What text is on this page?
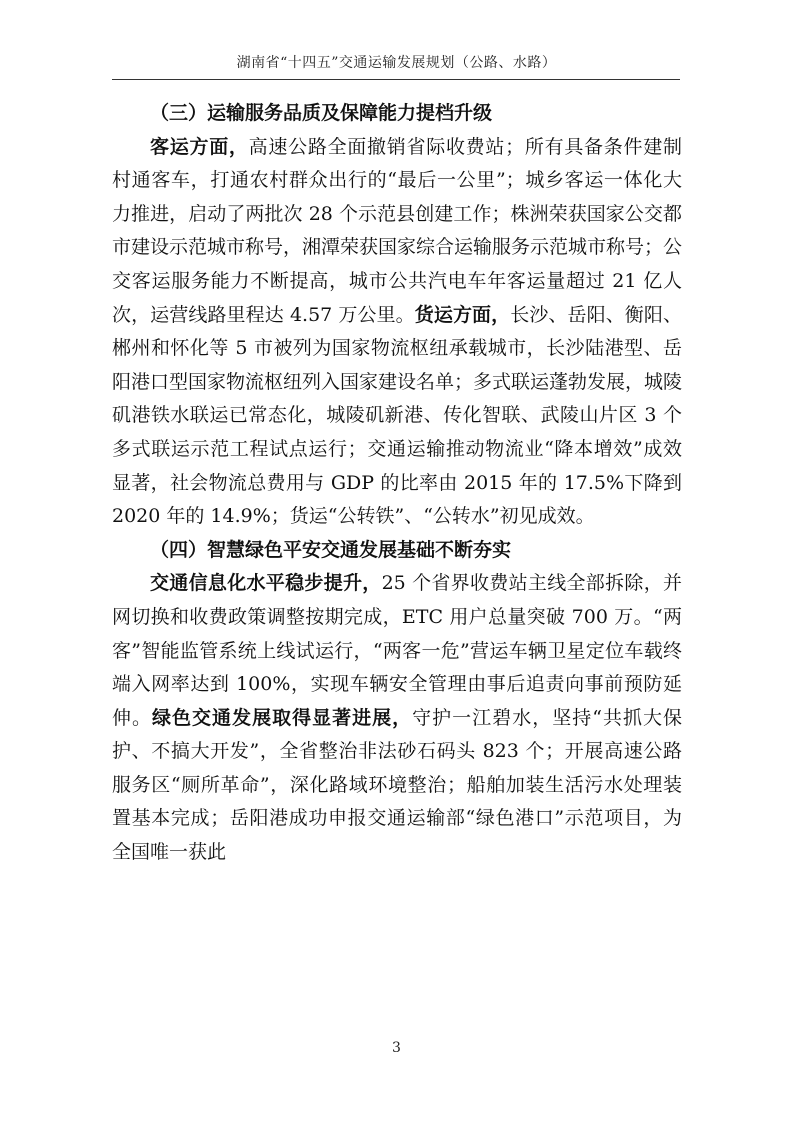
湖南省“十四五”交通运输发展规划（公路、水路）
（三）运输服务品质及保障能力提档升级

客运方面，高速公路全面撤销省际收费站；所有具备条件建制村通客车，打通农村群众出行的“最后一公里”；城乡客运一体化大力推进，启动了两批次 28 个示范县创建工作；株洲荣获国家公交都市建设示范城市称号，湘潭荣获国家综合运输服务示范城市称号；公交客运服务能力不断提高，城市公共汽电车年客运量超过 21 亿人次，运营线路里程达 4.57 万公里。货运方面，长沙、岳阳、衡阳、郴州和怀化等 5 市被列为国家物流枢纽承载城市，长沙陆港型、岳阳港口型国家物流枢纽列入国家建设名单；多式联运蓬勃发展，城陵矶港铁水联运已常态化，城陵矶新港、传化智联、武陵山片区 3 个多式联运示范工程试点运行；交通运输推动物流业“降本增效”成效显著，社会物流总费用与 GDP 的比率由 2015 年的 17.5%下降到 2020 年的 14.9%；货运“公转铁”、“公转水”初见成效。

（四）智慧绿色平安交通发展基础不断夯实

交通信息化水平稳步提升，25 个省界收费站主线全部拆除，并网切换和收费政策调整按期完成，ETC 用户总量突破 700 万。“两客”智能监管系统上线试运行，“两客一危”营运车辆卫星定位车载终端入网率达到 100%，实现车辆安全管理由事后追责向事前预防延伸。绿色交通发展取得显著进展，守护一江碧水，坚持“共抓大保护、不搞大开发”，全省整治非法砂石码头 823 个；开展高速公路服务区“厕所革命”，深化路域环境整治；船舶加装生活污水处理装置基本完成；岳阳港成功申报交通运输部“绿色港口”示范项目，为全国唯一获此

3
